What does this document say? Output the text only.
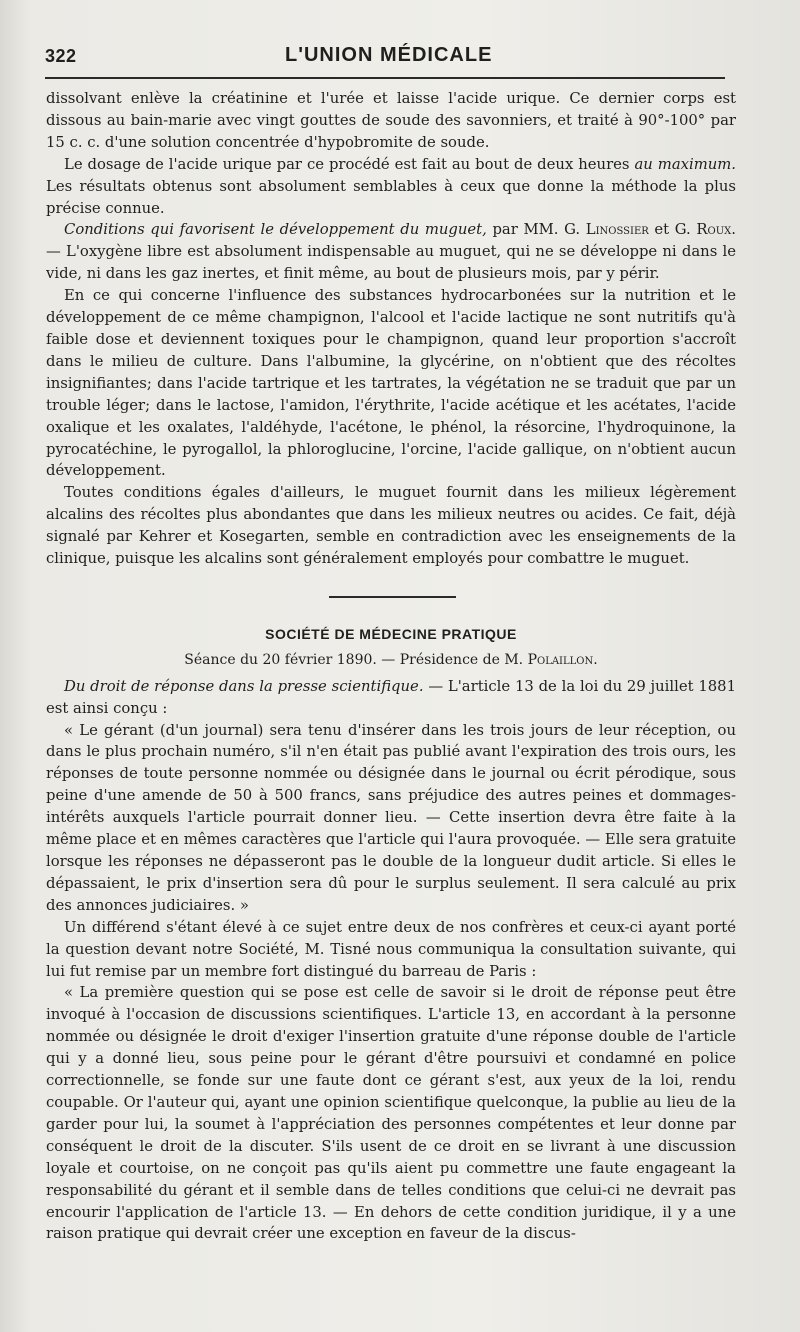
322	L'UNION MÉDICALE

dissolvant enlève la créatinine et l'urée et laisse l'acide urique. Ce dernier corps est dissous au bain-marie avec vingt gouttes de soude des savonniers, et traité à 90°-100° par 15 c. c. d'une solution concentrée d'hypobromite de soude.

Le dosage de l'acide urique par ce procédé est fait au bout de deux heures au maximum. Les résultats obtenus sont absolument semblables à ceux que donne la méthode la plus précise connue.

Conditions qui favorisent le développement du muguet, par MM. G. Linossier et G. Roux. — L'oxygène libre est absolument indispensable au muguet, qui ne se développe ni dans le vide, ni dans les gaz inertes, et finit même, au bout de plusieurs mois, par y périr.

En ce qui concerne l'influence des substances hydrocarbonées sur la nutrition et le développement de ce même champignon, l'alcool et l'acide lactique ne sont nutritifs qu'à faible dose et deviennent toxiques pour le champignon, quand leur proportion s'accroît dans le milieu de culture. Dans l'albumine, la glycérine, on n'obtient que des récoltes insignifiantes; dans l'acide tartrique et les tartrates, la végétation ne se traduit que par un trouble léger; dans le lactose, l'amidon, l'érythrite, l'acide acétique et les acétates, l'acide oxalique et les oxalates, l'aldéhyde, l'acétone, le phénol, la résorcine, l'hydroquinone, la pyrocatéchine, le pyrogallol, la phloroglucine, l'orcine, l'acide gallique, on n'obtient aucun développement.

Toutes conditions égales d'ailleurs, le muguet fournit dans les milieux légèrement alcalins des récoltes plus abondantes que dans les milieux neutres ou acides. Ce fait, déjà signalé par Kehrer et Kosegarten, semble en contradiction avec les enseignements de la clinique, puisque les alcalins sont généralement employés pour combattre le muguet.

SOCIÉTÉ DE MÉDECINE PRATIQUE
Séance du 20 février 1890. — Présidence de M. Polaillon.

Du droit de réponse dans la presse scientifique. — L'article 13 de la loi du 29 juillet 1881 est ainsi conçu :

« Le gérant (d'un journal) sera tenu d'insérer dans les trois jours de leur réception, ou dans le plus prochain numéro, s'il n'en était pas publié avant l'expiration des trois ours, les réponses de toute personne nommée ou désignée dans le journal ou écrit pérodique, sous peine d'une amende de 50 à 500 francs, sans préjudice des autres peines et dommages-intérêts auxquels l'article pourrait donner lieu. — Cette insertion devra être faite à la même place et en mêmes caractères que l'article qui l'aura provoquée. — Elle sera gratuite lorsque les réponses ne dépasseront pas le double de la longueur dudit article. Si elles le dépassaient, le prix d'insertion sera dû pour le surplus seulement. Il sera calculé au prix des annonces judiciaires. »

Un différend s'étant élevé à ce sujet entre deux de nos confrères et ceux-ci ayant porté la question devant notre Société, M. Tisné nous communiqua la consultation suivante, qui lui fut remise par un membre fort distingué du barreau de Paris :

« La première question qui se pose est celle de savoir si le droit de réponse peut être invoqué à l'occasion de discussions scientifiques. L'article 13, en accordant à la personne nommée ou désignée le droit d'exiger l'insertion gratuite d'une réponse double de l'article qui y a donné lieu, sous peine pour le gérant d'être poursuivi et condamné en police correctionnelle, se fonde sur une faute dont ce gérant s'est, aux yeux de la loi, rendu coupable. Or l'auteur qui, ayant une opinion scientifique quelconque, la publie au lieu de la garder pour lui, la soumet à l'appréciation des personnes compétentes et leur donne par conséquent le droit de la discuter. S'ils usent de ce droit en se livrant à une discussion loyale et courtoise, on ne conçoit pas qu'ils aient pu commettre une faute engageant la responsabilité du gérant et il semble dans de telles conditions que celui-ci ne devrait pas encourir l'application de l'article 13. — En dehors de cette condition juridique, il y a une raison pratique qui devrait créer une exception en faveur de la discus-
